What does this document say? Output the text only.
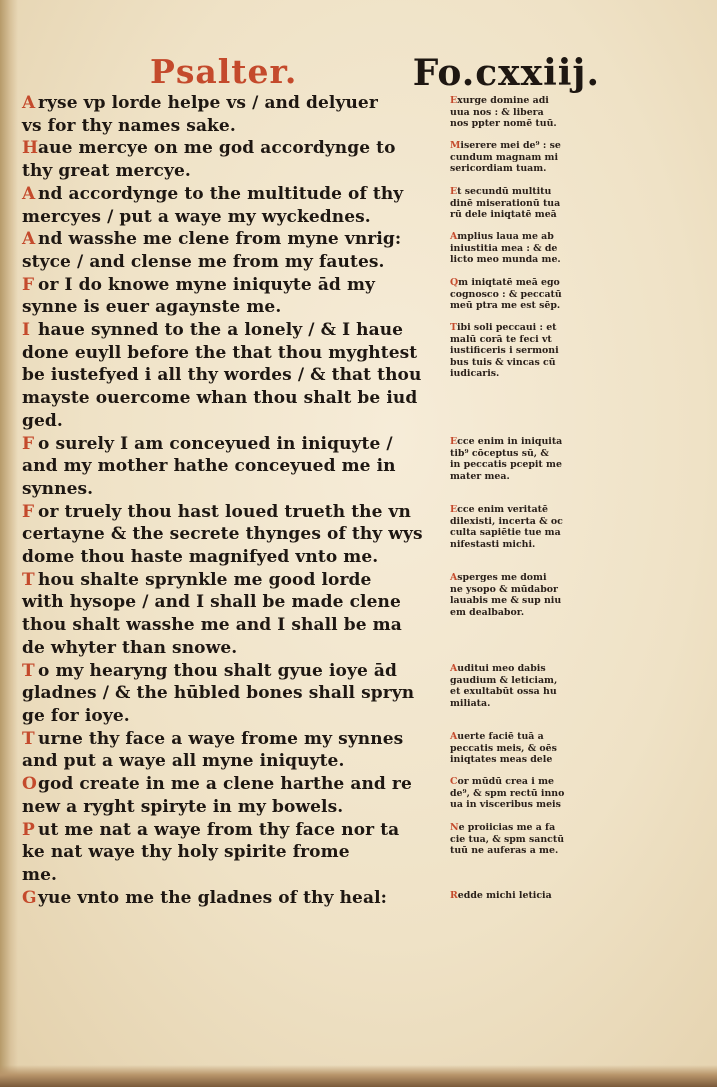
Psalter.	Fo.cxxiij.
A ryse vp lorde helpe vs / and delyuer
vs for thy names sake.
Haue mercye on me god accordynge to
thy great mercye.
A nd accordynge to the multitude of thy
mercyes / put a waye my wyckednes.
A nd wasshe me clene from myne vnrig:
styce / and clense me from my fautes.
F or I do knowe myne iniquyte ād my
synne is euer agaynste me.
I haue synned to the a lonely / & I haue
done euyll before the that thou myghtest
be iustefyed i all thy wordes / & that thou
mayste ouercome whan thou shalt be iud
ged.
F o surely I am conceyued in iniquyte /
and my mother hathe conceyued me in
synnes.
F or truely thou hast loued trueth the vn
certayne & the secrete thynges of thy wys
dome thou haste magnifyed vnto me.
T hou shalte sprynkle me good lorde
with hysope / and I shall be made clene
thou shalt wasshe me and I shall be ma
de whyter than snowe.
T o my hearyng thou shalt gyue ioye ād
gladnes / & the hūbled bones shall spryn
ge for ioye.
T urne thy face a waye frome my synnes
and put a waye all myne iniquyte.
Ogod create in me a clene harthe and re
new a ryght spiryte in my bowels.
P ut me nat a waye from thy face nor ta
ke nat waye thy holy spirite frome
me.
Gyue vnto me the gladnes of thy heal:
Exurge domine adi
uua nos : & libera
nos ppter nomē tuū.
Miserere mei de⁹ : se
cundum magnam mi
sericordiam tuam.
Et secundū multitu
dinē miserationū tua
rū dele iniqtatē meā
Amplius laua me ab
iniustitia mea : & de
licto meo munda me.
Qm iniqtatē meā ego
cognosco : & peccatū
meū ptra me est sēp.
Tibi soli peccaui : et
malū corā te feci vt
iustificeris i sermoni
bus tuis & vincas cū
iudicaris.
Ecce enim in iniquita
tib⁹ cōceptus sū, &
in peccatis pcepit me
mater mea.
Ecce enim veritatē
dilexisti, incerta & oc
culta sapiētie tue ma
nifestasti michi.
Asperges me domi
ne ysopo & mūdabor
lauabis me & sup niu
em dealbabor.
Auditui meo dabis
gaudium & leticiam,
et exultabūt ossa hu
miliata.
Auerte faciē tuā a
peccatis meis, & oēs
iniqtates meas dele
Cor mūdū crea i me
de⁹, & spm rectū inno
ua in visceribus meis
Ne proiicias me a fa
cie tua, & spm sanctū
tuū ne auferas a me.
Redde michi leticia
